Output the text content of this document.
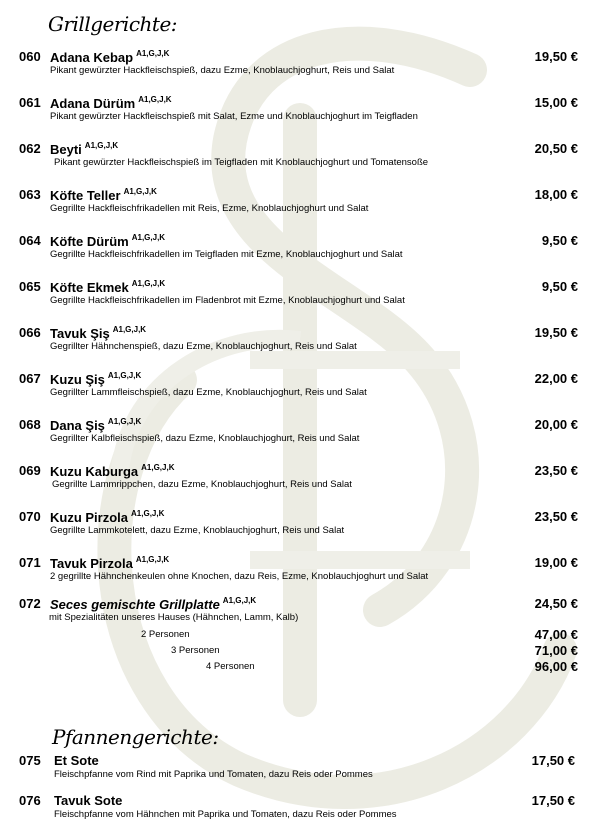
Grillgerichte:
060 Adana Kebap $^{A1,G,J,K}$	19,50 €
Pikant gewürzter Hackfleischspieß, dazu Ezme, Knoblauchjoghurt, Reis und Salat
061 Adana Dürüm $^{A1,G,J,K}$	15,00 €
Pikant gewürzter Hackfleischspieß mit Salat, Ezme und Knoblauchjoghurt im Teigfladen
062 Beyti $^{A1,G,J,K}$	20,50 €
Pikant gewürzter Hackfleischspieß im Teigfladen mit Knoblauchjoghurt und Tomatensoße
063 Köfte Teller $^{A1,G,J,K}$	18,00 €
Gegrillte Hackfleischfrikadellen mit Reis, Ezme, Knoblauchjoghurt und Salat
064 Köfte Dürüm $^{A1,G,J,K}$	9,50 €
Gegrillte Hackfleischfrikadellen im Teigfladen mit Ezme, Knoblauchjoghurt und Salat
065 Köfte Ekmek $^{A1,G,J,K}$	9,50 €
Gegrillte Hackfleischfrikadellen im Fladenbrot mit Ezme, Knoblauchjoghurt und Salat
066 Tavuk Şiş $^{A1,G,J,K}$	19,50 €
Gegrillter Hähnchenspieß, dazu Ezme, Knoblauchjoghurt, Reis und Salat
067 Kuzu Şiş $^{A1,G,J,K}$	22,00 €
Gegrillter Lammfleischspieß, dazu Ezme, Knoblauchjoghurt, Reis und Salat
068 Dana Şiş $^{A1,G,J,K}$	20,00 €
Gegrillter Kalbfleischspieß, dazu Ezme, Knoblauchjoghurt, Reis und Salat
069 Kuzu Kaburga $^{A1,G,J,K}$	23,50 €
Gegrillte Lammrippchen, dazu Ezme, Knoblauchjoghurt, Reis und Salat
070 Kuzu Pirzola $^{A1,G,J,K}$	23,50 €
Gegrillte Lammkotelett, dazu Ezme, Knoblauchjoghurt, Reis und Salat
071 Tavuk Pirzola $^{A1,G,J,K}$	19,00 €
2 gegrillte Hähnchenkeulen ohne Knochen, dazu Reis, Ezme, Knoblauchjoghurt und Salat
072 Seces gemischte Grillplatte $^{A1,G,J,K}$	24,50 €
mit Spezialitäten unseres Hauses (Hähnchen, Lamm, Kalb)
2 Personen	47,00 €
3 Personen	71,00 €
4 Personen	96,00 €
Pfannengerichte:
075 Et Sote	17,50 €
Fleischpfanne vom Rind mit Paprika und Tomaten, dazu Reis oder Pommes
076 Tavuk Sote	17,50 €
Fleischpfanne vom Hähnchen mit Paprika und Tomaten, dazu Reis oder Pommes
